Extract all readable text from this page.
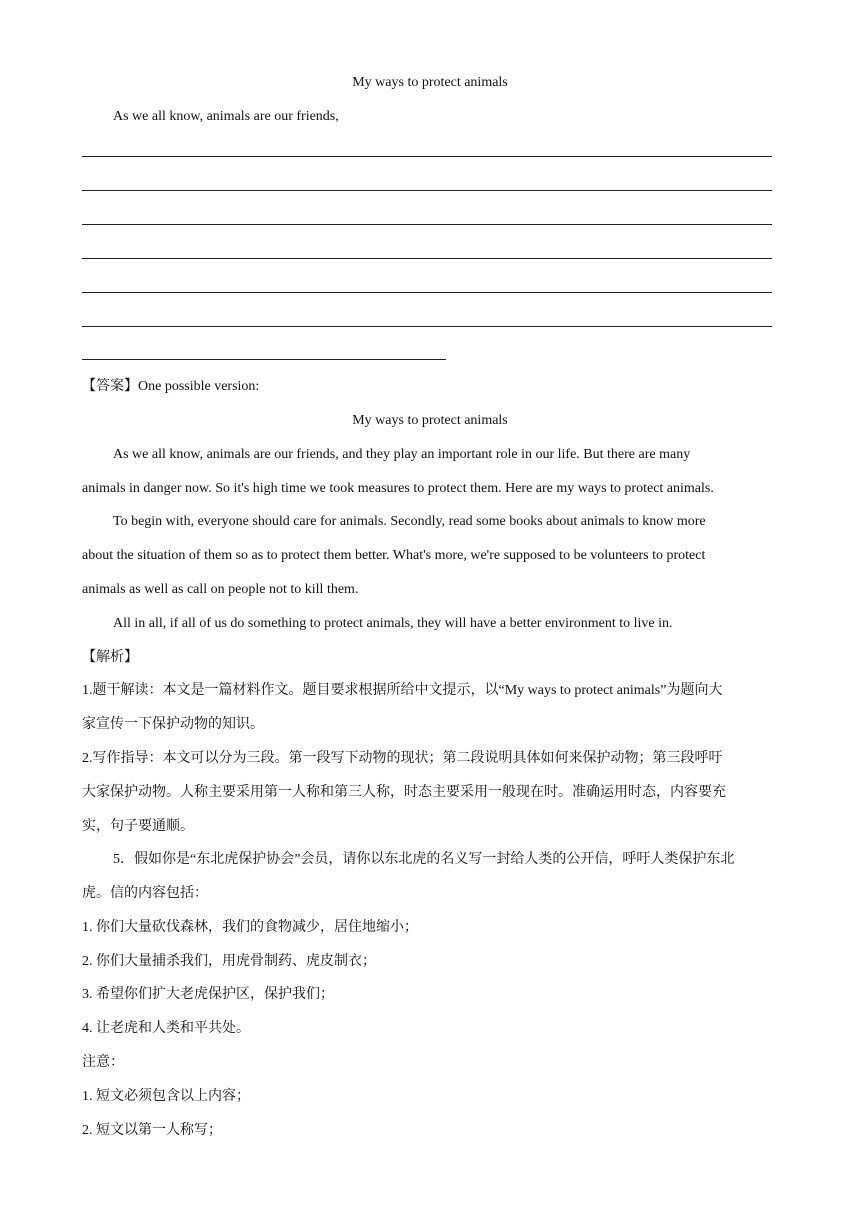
My ways to protect animals
As we all know, animals are our friends,
【答案】One possible version:
My ways to protect animals
As we all know, animals are our friends, and they play an important role in our life. But there are many
animals in danger now. So it's high time we took measures to protect them. Here are my ways to protect animals.
To begin with, everyone should care for animals. Secondly, read some books about animals to know more
about the situation of them so as to protect them better. What's more, we're supposed to be volunteers to protect
animals as well as call on people not to kill them.
All in all, if all of us do something to protect animals, they will have a better environment to live in.
【解析】
1.题干解读：本文是一篇材料作文。题目要求根据所给中文提示，以“My ways to protect animals”为题向大
家宣传一下保护动物的知识。
2.写作指导：本文可以分为三段。第一段写下动物的现状；第二段说明具体如何来保护动物；第三段呼吁
大家保护动物。人称主要采用第一人称和第三人称，时态主要采用一般现在时。准确运用时态，内容要充
实，句子要通顺。
5．假如你是“东北虎保护协会”会员，请你以东北虎的名义写一封给人类的公开信，呼吁人类保护东北
虎。信的内容包括：
1. 你们大量砍伐森林，我们的食物减少，居住地缩小；
2. 你们大量捕杀我们，用虎骨制药、虎皮制衣；
3. 希望你们扩大老虎保护区，保护我们；
4. 让老虎和人类和平共处。
注意：
1. 短文必须包含以上内容；
2. 短文以第一人称写；
